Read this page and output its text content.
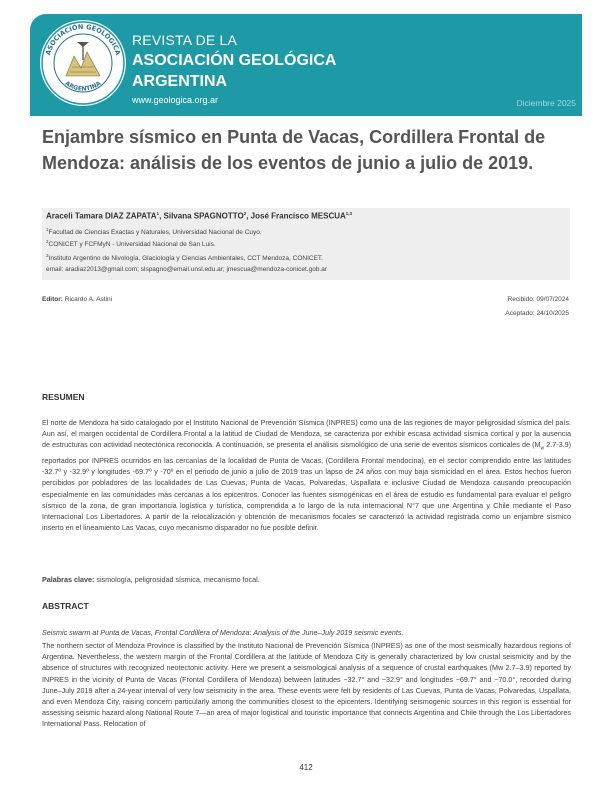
ASOCIACIÓN GEOLÓGICA
ARGENTINA
REVISTA DE LA
ASOCIACIÓN GEOLÓGICA
ARGENTINA
www.geologica.org.ar	Diciembre 2025
Enjambre sísmico en Punta de Vacas, Cordillera Frontal de Mendoza: análisis de los eventos de junio a julio de 2019.
Araceli Tamara DIAZ ZAPATA$^1$, Silvana SPAGNOTTO$^2$, José Francisco MESCUA$^{1,3}$
$^1$Facultad de Ciencias Exactas y Naturales, Universidad Nacional de Cuyo.
$^2$CONICET y FCFMyN - Universidad Nacional de San Luis.
$^3$Instituto Argentino de Nivología, Glaciología y Ciencias Ambientales, CCT Mendoza, CONICET.
email: aradiaz2013@gmail.com; slspagno@email.unsl.edu.ar; jmescua@mendoza-conicet.gob.ar
Editor: Ricardo A. Astini	Recibido: 09/07/2024
Aceptado: 24/10/2025
RESUMEN
El norte de Mendoza ha sido catalogado por el Instituto Nacional de Prevención Sísmica (INPRES) como una de las regiones de mayor peligrosidad sísmica del país. Aun así, el margen occidental de Cordillera Frontal a la latitud de Ciudad de Mendoza, se caracteriza por exhibir escasa actividad sísmica cortical y por la ausencia de estructuras con actividad neotectónica reconocida. A continuación, se presenta el análisis sismológico de una serie de eventos sísmicos corticales de ($M_w$ 2.7-3.9) reportados por INPRES ocurridos en las cercanías de la localidad de Punta de Vacas, (Cordillera Frontal mendocina), en el sector comprendido entre las latitudes -32.7º y -32.9º y longitudes -69.7º y -70º en el periodo de junio a julio de 2019 tras un lapso de 24 años con muy baja sismicidad en el área. Estos hechos fueron percibidos por pobladores de las localidades de Las Cuevas, Punta de Vacas, Polvaredas, Uspallata e inclusive Ciudad de Mendoza causando preocupación especialmente en las comunidades más cercanas a los epicentros. Conocer las fuentes sismogénicas en el área de estudio es fundamental para evaluar el peligro sísmico de la zona, de gran importancia logística y turística, comprendida a lo largo de la ruta internacional N°7 que une Argentina y Chile mediante el Paso Internacional Los Libertadores. A partir de la relocalización y obtención de mecanismos focales se caracterizó la actividad registrada como un enjambre sísmico inserto en el lineamiento Las Vacas, cuyo mecanismo disparador no fue posible definir.
Palabras clave: sismología, peligrosidad sísmica, mecanismo focal.
ABSTRACT
Seismic swarm at Punta de Vacas, Frontal Cordillera of Mendoza: Analysis of the June–July 2019 seismic events.
The northern sector of Mendoza Province is classified by the Instituto Nacional de Prevención Sísmica (INPRES) as one of the most seismically hazardous regions of Argentina. Nevertheless, the western margin of the Frontal Cordillera at the latitude of Mendoza City is generally characterized by low crustal seismicity and by the absence of structures with recognized neotectonic activity. Here we present a seismological analysis of a sequence of crustal earthquakes (Mw 2.7–3.9) reported by INPRES in the vicinity of Punta de Vacas (Frontal Cordillera of Mendoza) between latitudes −32.7° and −32.9° and longitudes −69.7° and −70.0°, recorded during June–July 2019 after a 24-year interval of very low seismicity in the area. These events were felt by residents of Las Cuevas, Punta de Vacas, Polvaredas, Uspallata, and even Mendoza City, raising concern particularly among the communities closest to the epicenters. Identifying seismogenic sources in this region is essential for assessing seismic hazard along National Route 7—an area of major logistical and touristic importance that connects Argentina and Chile through the Los Libertadores International Pass. Relocation of
412
